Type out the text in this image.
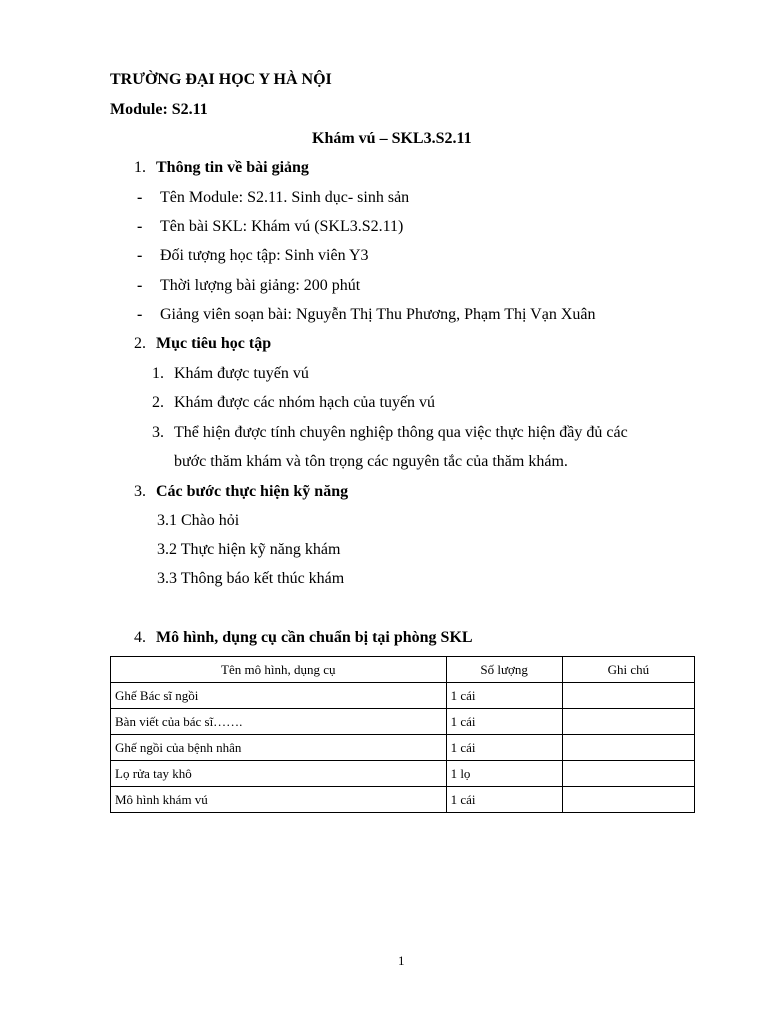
TRƯỜNG ĐẠI HỌC Y HÀ NỘI
Module: S2.11
Khám vú – SKL3.S2.11
1. Thông tin về bài giảng
- Tên Module: S2.11. Sinh dục- sinh sản
- Tên bài SKL: Khám vú (SKL3.S2.11)
- Đối tượng học tập: Sinh viên Y3
- Thời lượng bài giảng: 200 phút
- Giảng viên soạn bài: Nguyễn Thị Thu Phương, Phạm Thị Vạn Xuân
2. Mục tiêu học tập
1. Khám được tuyến vú
2. Khám được các nhóm hạch của tuyến vú
3. Thể hiện được tính chuyên nghiệp thông qua việc thực hiện đầy đủ các
bước thăm khám và tôn trọng các nguyên tắc của thăm khám.
3. Các bước thực hiện kỹ năng
3.1 Chào hỏi
3.2 Thực hiện kỹ năng khám
3.3 Thông báo kết thúc khám
4. Mô hình, dụng cụ cần chuẩn bị tại phòng SKL
Tên mô hình, dụng cụ	Số lượng	Ghi chú
Ghế Bác sĩ ngồi	1 cái	
Bàn viết của bác sĩ…….	1 cái	
Ghế ngồi của bệnh nhân	1 cái	
Lọ rửa tay khô	1 lọ	
Mô hình khám vú	1 cái	
1
